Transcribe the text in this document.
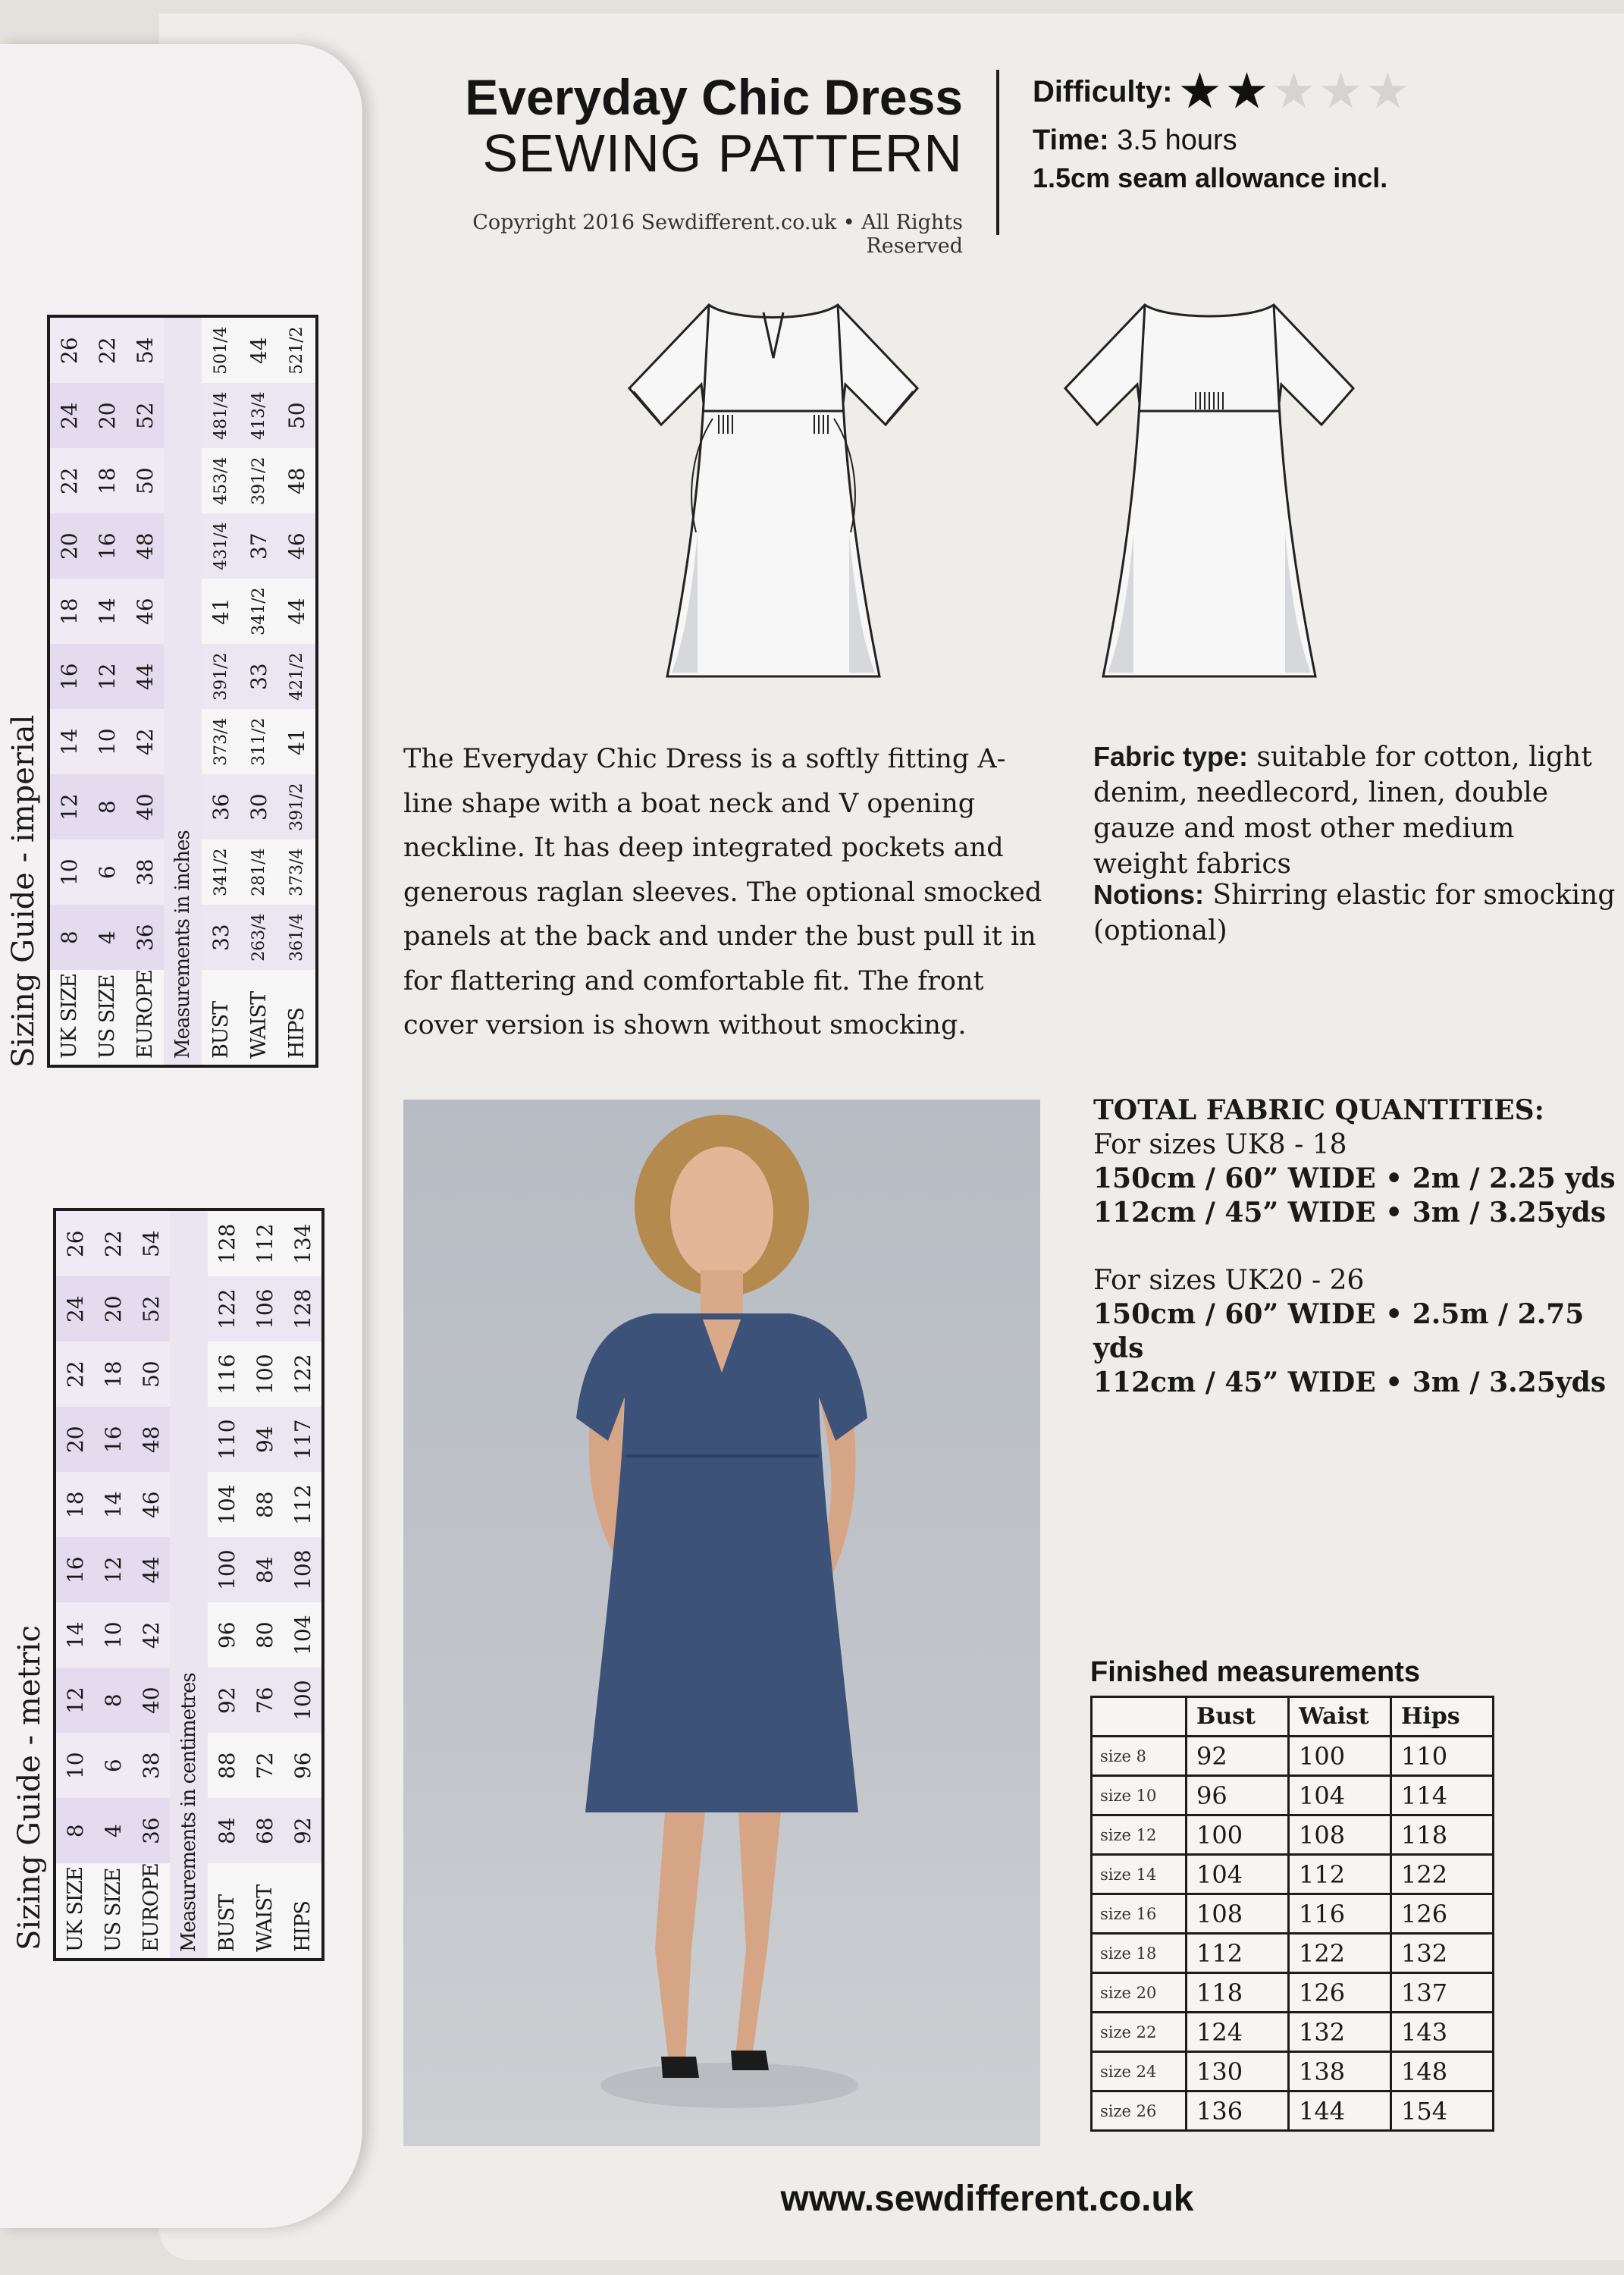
Everyday Chic Dress
SEWING PATTERN
Copyright 2016 Sewdifferent.co.uk • All Rights Reserved
Difficulty: ★ ★ ★ ★ ★
Time: 3.5 hours
1.5cm seam allowance incl.
The Everyday Chic Dress is a softly fitting A-line shape with a boat neck and V opening neckline. It has deep integrated pockets and generous raglan sleeves. The optional smocked panels at the back and under the bust pull it in for flattering and comfortable fit. The front cover version is shown without smocking.
Fabric type: suitable for cotton, light denim, needlecord, linen, double gauze and most other medium weight fabrics
Notions: Shirring elastic for smocking (optional)
TOTAL FABRIC QUANTITIES:
For sizes UK8 - 18
150cm / 60” WIDE • 2m / 2.25 yds
112cm / 45” WIDE • 3m / 3.25yds
For sizes UK20 - 26
150cm / 60” WIDE • 2.5m / 2.75 yds
112cm / 45” WIDE • 3m / 3.25yds
Finished measurements
	Bust	Waist	Hips
size 8	92	100	110
size 10	96	104	114
size 12	100	108	118
size 14	104	112	122
size 16	108	116	126
size 18	112	122	132
size 20	118	126	137
size 22	124	132	143
size 24	130	138	148
size 26	136	144	154
www.sewdifferent.co.uk
UK SIZE	8	10	12	14	16	18	20	22	24	26
US SIZE	4	6	8	10	12	14	16	18	20	22
EUROPE	36	38	40	42	44	46	48	50	52	54
Measurements in inches										
BUST	33	341/2	36	373/4	391/2	41	431/4	453/4	481/4	501/4
WAIST	263/4	281/4	30	311/2	33	341/2	37	391/2	413/4	44
HIPS	361/4	373/4	391/2	41	421/2	44	46	48	50	521/2
Sizing Guide - imperial
UK SIZE	8	10	12	14	16	18	20	22	24	26
US SIZE	4	6	8	10	12	14	16	18	20	22
EUROPE	36	38	40	42	44	46	48	50	52	54
Measurements in centimetres										
BUST	84	88	92	96	100	104	110	116	122	128
WAIST	68	72	76	80	84	88	94	100	106	112
HIPS	92	96	100	104	108	112	117	122	128	134
Sizing Guide - metric
